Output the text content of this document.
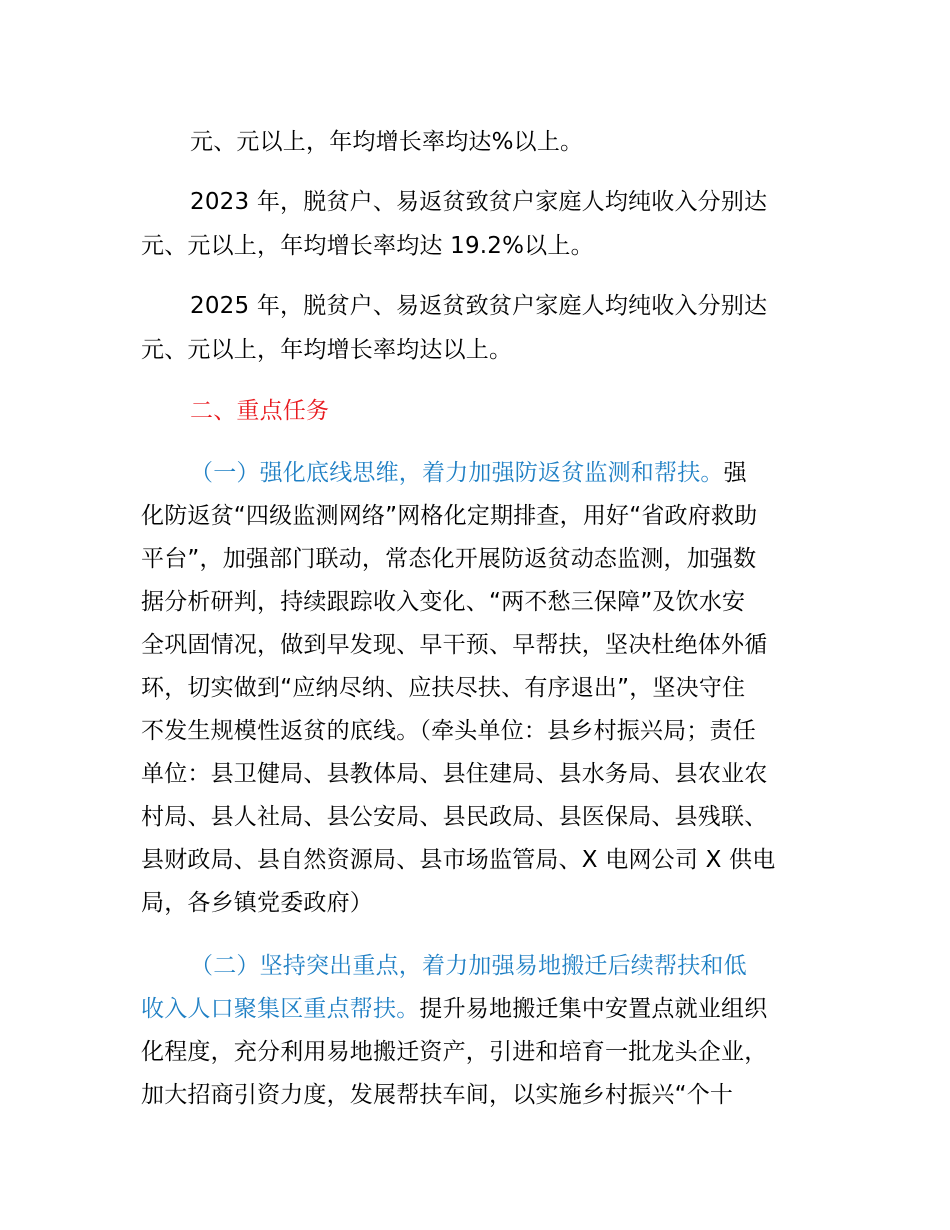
元、元以上，年均增长率均达%以上。
2023 年，脱贫户、易返贫致贫户家庭人均纯收入分别达
元、元以上，年均增长率均达 19.2%以上。
2025 年，脱贫户、易返贫致贫户家庭人均纯收入分别达
元、元以上，年均增长率均达以上。
二、重点任务
（一）强化底线思维，着力加强防返贫监测和帮扶。强
化防返贫“四级监测网络”网格化定期排查，用好“省政府救助
平台”，加强部门联动，常态化开展防返贫动态监测，加强数
据分析研判，持续跟踪收入变化、“两不愁三保障”及饮水安
全巩固情况，做到早发现、早干预、早帮扶，坚决杜绝体外循
环，切实做到“应纳尽纳、应扶尽扶、有序退出”，坚决守住
不发生规模性返贫的底线。（牵头单位：县乡村振兴局；责任
单位：县卫健局、县教体局、县住建局、县水务局、县农业农
村局、县人社局、县公安局、县民政局、县医保局、县残联、
县财政局、县自然资源局、县市场监管局、X 电网公司 X 供电
局，各乡镇党委政府）
（二）坚持突出重点，着力加强易地搬迁后续帮扶和低
收入人口聚集区重点帮扶。提升易地搬迁集中安置点就业组织
化程度，充分利用易地搬迁资产，引进和培育一批龙头企业，
加大招商引资力度，发展帮扶车间，以实施乡村振兴“个十
